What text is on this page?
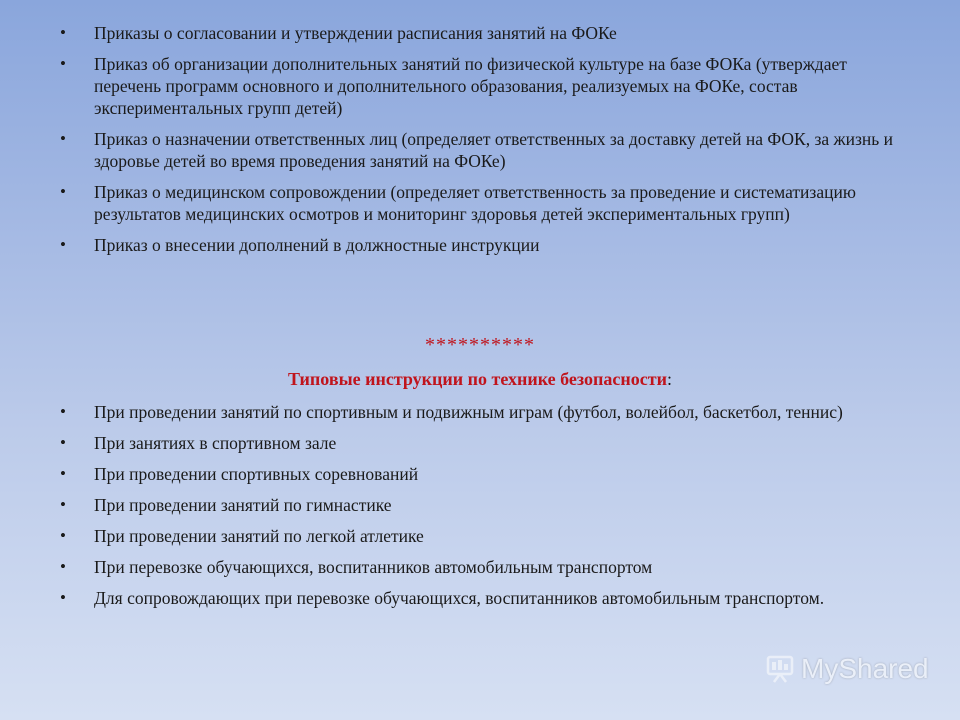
• Приказы о согласовании и утверждении расписания занятий на ФОКе
• Приказ об организации дополнительных занятий по физической культуре на базе ФОКа (утверждает перечень программ основного и дополнительного образования, реализуемых на ФОКе, состав экспериментальных групп детей)
• Приказ о назначении ответственных лиц (определяет ответственных за доставку детей на ФОК, за жизнь и здоровье детей во время проведения занятий на ФОКе)
• Приказ о медицинском сопровождении (определяет ответственность за проведение и систематизацию результатов медицинских осмотров и мониторинг здоровья детей экспериментальных групп)
• Приказ о внесении дополнений в должностные инструкции
**********
Типовые инструкции по технике безопасности:
• При проведении занятий по спортивным и подвижным играм (футбол, волейбол, баскетбол, теннис)
• При занятиях в спортивном зале
• При проведении спортивных соревнований
• При проведении занятий по гимнастике
• При проведении занятий по легкой атлетике
• При перевозке обучающихся, воспитанников автомобильным транспортом
• Для сопровождающих при перевозке обучающихся, воспитанников автомобильным транспортом.
MyShared
